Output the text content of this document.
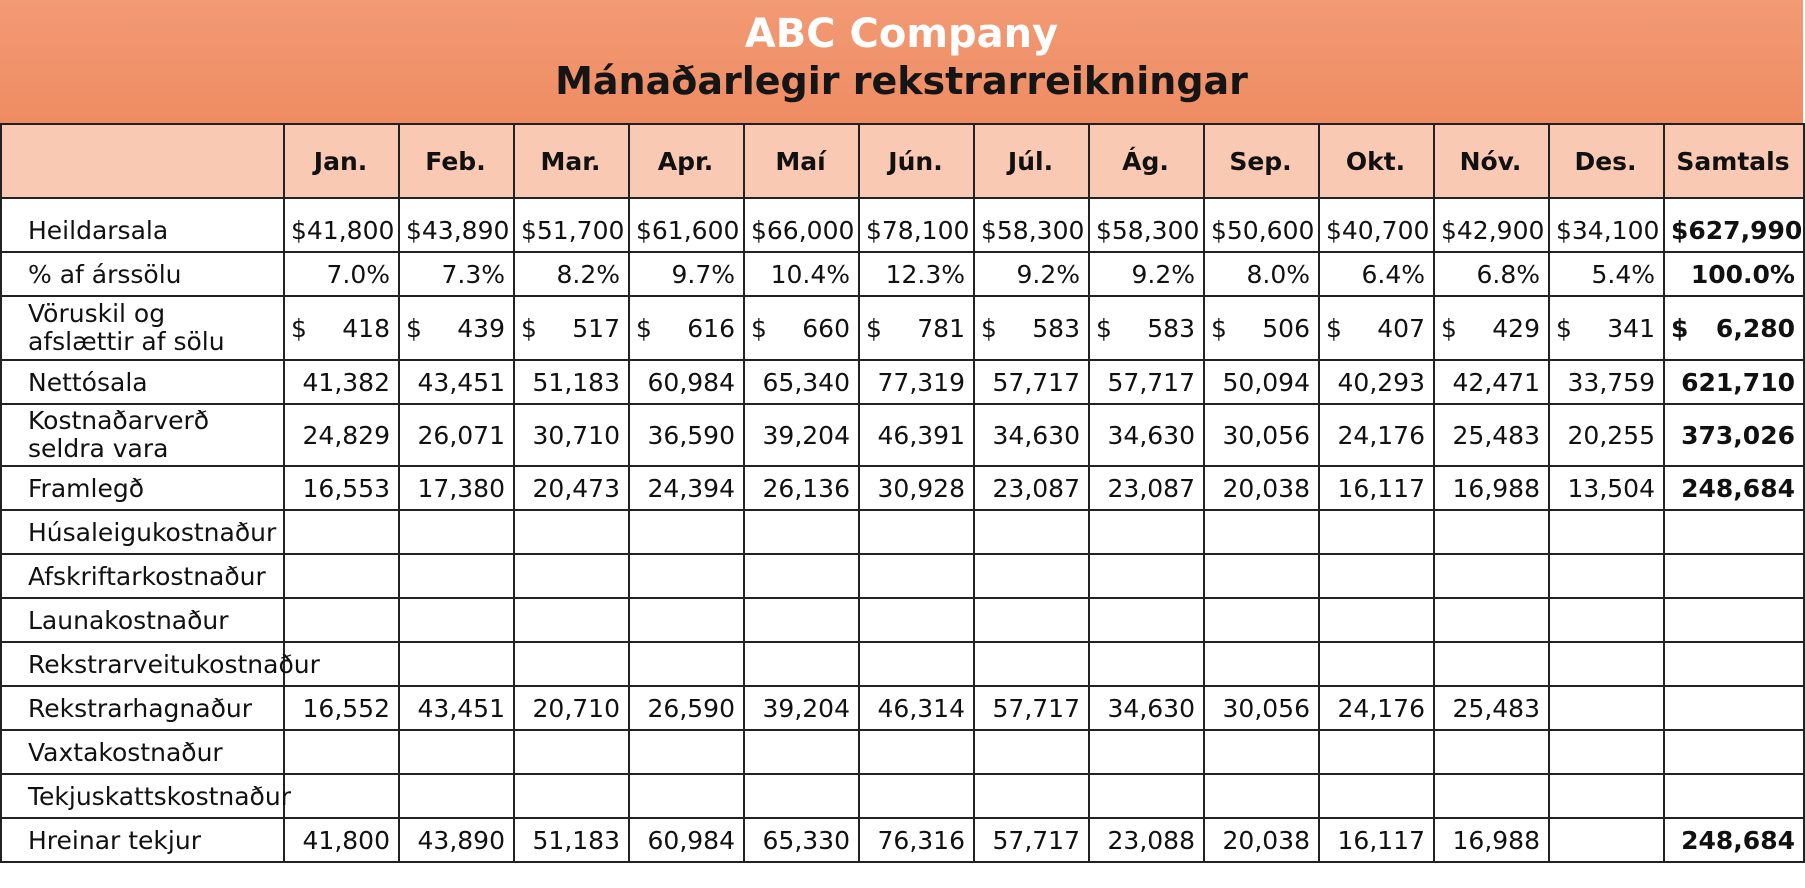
ABC Company
Mánaðarlegir rekstrarreikningar
	Jan.	Feb.	Mar.	Apr.	Maí	Jún.	Júl.	Ág.	Sep.	Okt.	Nóv.	Des.	Samtals
Heildarsala	$41,800	$43,890	$51,700	$61,600	$66,000	$78,100	$58,300	$58,300	$50,600	$40,700	$42,900	$34,100	$627,990
% af árssölu	7.0%	7.3%	8.2%	9.7%	10.4%	12.3%	9.2%	9.2%	8.0%	6.4%	6.8%	5.4%	100.0%
Vöruskil og afslættir af sölu	$ 418	$ 439	$ 517	$ 616	$ 660	$ 781	$ 583	$ 583	$ 506	$ 407	$ 429	$ 341	$ 6,280

Nettósala	41,382	43,451	51,183	60,984	65,340	77,319	57,717	57,717	50,094	40,293	42,471	33,759	621,710
Kostnaðarverð seldra vara	24,829	26,071	30,710	36,590	39,204	46,391	34,630	34,630	30,056	24,176	25,483	20,255	373,026
Framlegð	16,553	17,380	20,473	24,394	26,136	30,928	23,087	23,087	20,038	16,117	16,988	13,504	248,684
Húsaleigukostnaður													
Afskriftarkostnaður													
Launakostnaður													
Rekstrarveitukostnaður													
Rekstrarhagnaður	16,552	43,451	20,710	26,590	39,204	46,314	57,717	34,630	30,056	24,176	25,483		
Vaxtakostnaður													
Tekjuskattskostnaður													
Hreinar tekjur	41,800	43,890	51,183	60,984	65,330	76,316	57,717	23,088	20,038	16,117	16,988		248,684
